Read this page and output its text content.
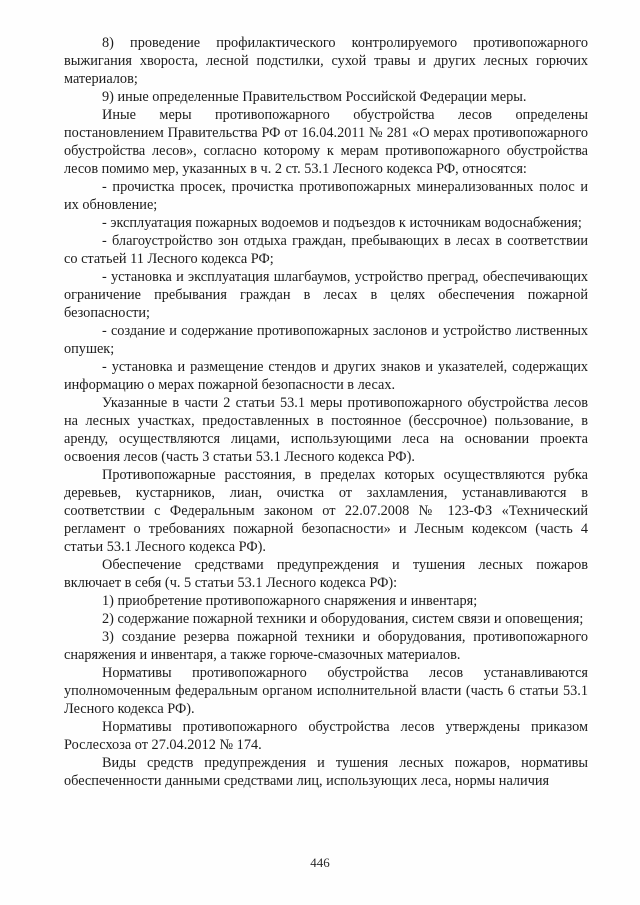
8) проведение профилактического контролируемого противопожарного выжигания хвороста, лесной подстилки, сухой травы и других лесных горючих материалов;

9) иные определенные Правительством Российской Федерации меры.

Иные меры противопожарного обустройства лесов определены постановлением Правительства РФ от 16.04.2011 № 281 «О мерах противопожарного обустройства лесов», согласно которому к мерам противопожарного обустройства лесов помимо мер, указанных в ч. 2 ст. 53.1 Лесного кодекса РФ, относятся:

- прочистка просек, прочистка противопожарных минерализованных полос и их обновление;

- эксплуатация пожарных водоемов и подъездов к источникам водоснабжения;

- благоустройство зон отдыха граждан, пребывающих в лесах в соответствии со статьей 11 Лесного кодекса РФ;

- установка и эксплуатация шлагбаумов, устройство преград, обеспечивающих ограничение пребывания граждан в лесах в целях обеспечения пожарной безопасности;

- создание и содержание противопожарных заслонов и устройство лиственных опушек;

- установка и размещение стендов и других знаков и указателей, содержащих информацию о мерах пожарной безопасности в лесах.

Указанные в части 2 статьи 53.1 меры противопожарного обустройства лесов на лесных участках, предоставленных в постоянное (бессрочное) пользование, в аренду, осуществляются лицами, использующими леса на основании проекта освоения лесов (часть 3 статьи 53.1 Лесного кодекса РФ).

Противопожарные расстояния, в пределах которых осуществляются рубка деревьев, кустарников, лиан, очистка от захламления, устанавливаются в соответствии с Федеральным законом от 22.07.2008 № 123-ФЗ «Технический регламент о требованиях пожарной безопасности» и Лесным кодексом (часть 4 статьи 53.1 Лесного кодекса РФ).

Обеспечение средствами предупреждения и тушения лесных пожаров включает в себя (ч. 5 статьи 53.1 Лесного кодекса РФ):

1) приобретение противопожарного снаряжения и инвентаря;

2) содержание пожарной техники и оборудования, систем связи и оповещения;

3) создание резерва пожарной техники и оборудования, противопожарного снаряжения и инвентаря, а также горюче-смазочных материалов.

Нормативы противопожарного обустройства лесов устанавливаются уполномоченным федеральным органом исполнительной власти (часть 6 статьи 53.1 Лесного кодекса РФ).

Нормативы противопожарного обустройства лесов утверждены приказом Рослесхоза от 27.04.2012 № 174.

Виды средств предупреждения и тушения лесных пожаров, нормативы обеспеченности данными средствами лиц, использующих леса, нормы наличия

446
